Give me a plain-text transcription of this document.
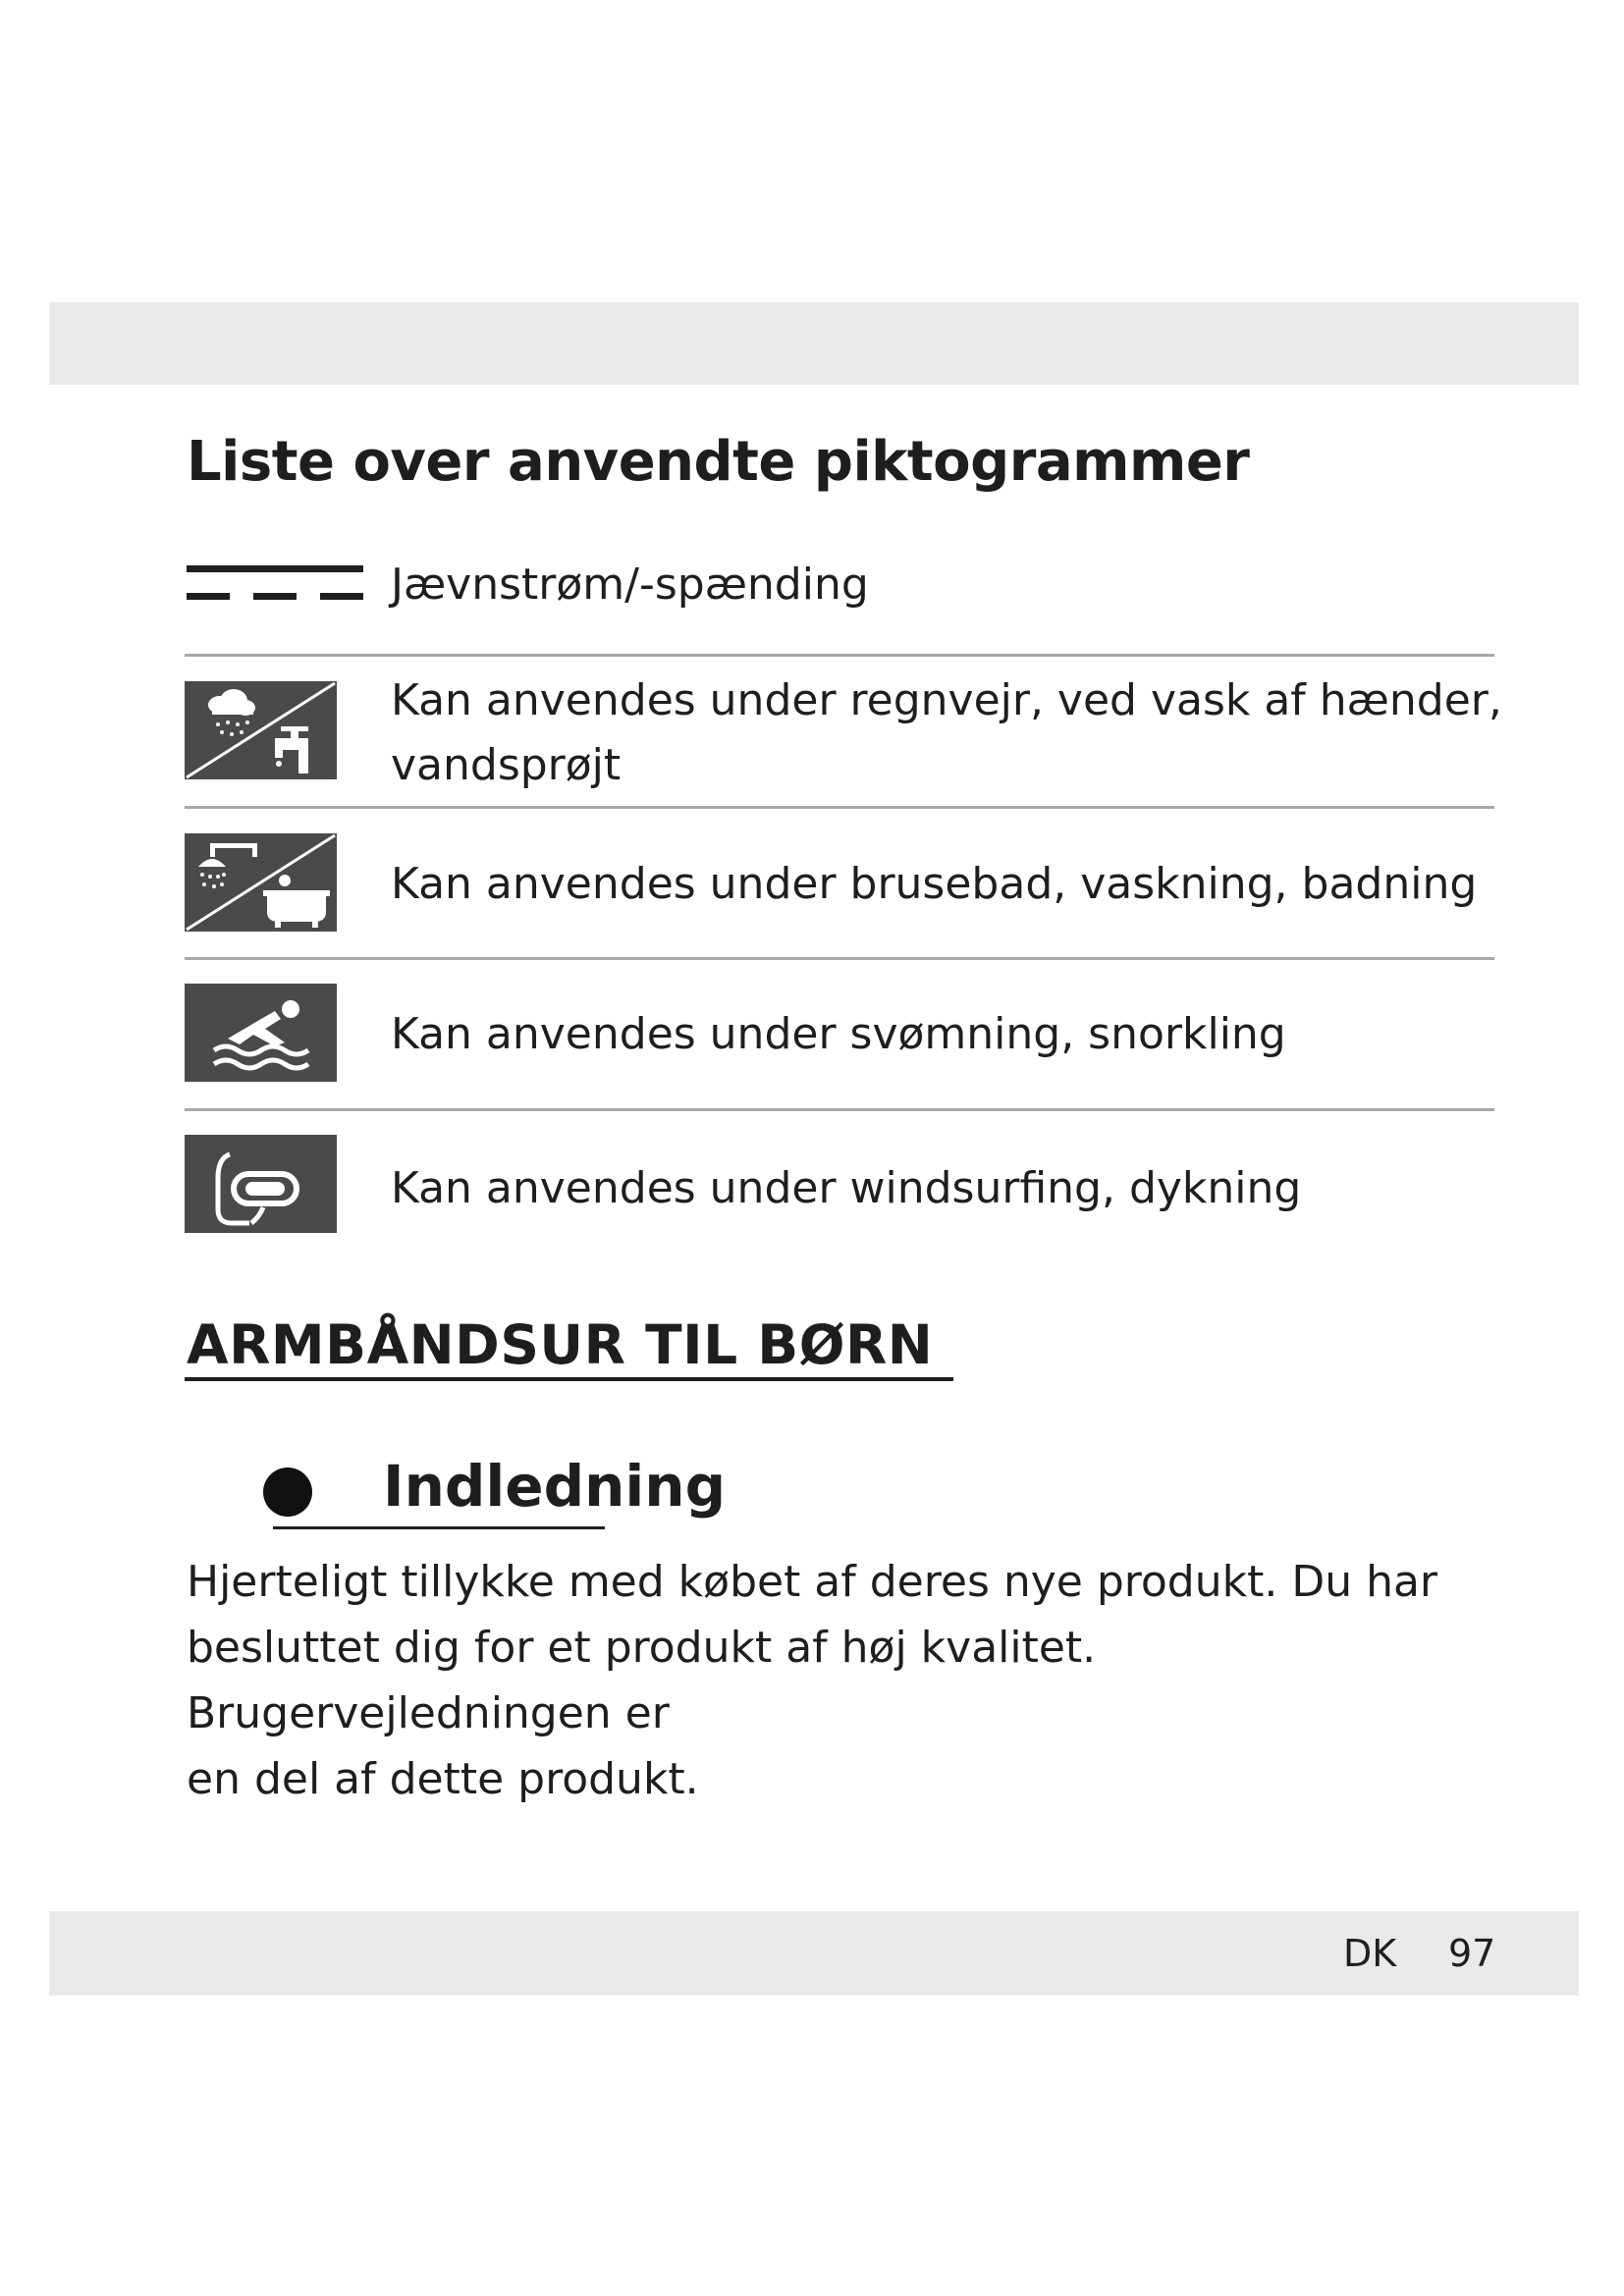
Liste over anvendte piktogrammer
Jævnstrøm/-spænding
Kan anvendes under regnvejr, ved vask af hænder,
vandsprøjt
Kan anvendes under brusebad, vaskning, badning
Kan anvendes under svømning, snorkling
Kan anvendes under windsurfing, dykning
ARMBÅNDSUR TIL BØRN
Indledning
Hjerteligt tillykke med købet af deres nye produkt. Du har
besluttet dig for et produkt af høj kvalitet. Brugervejledningen er
en del af dette produkt.
DK 97
